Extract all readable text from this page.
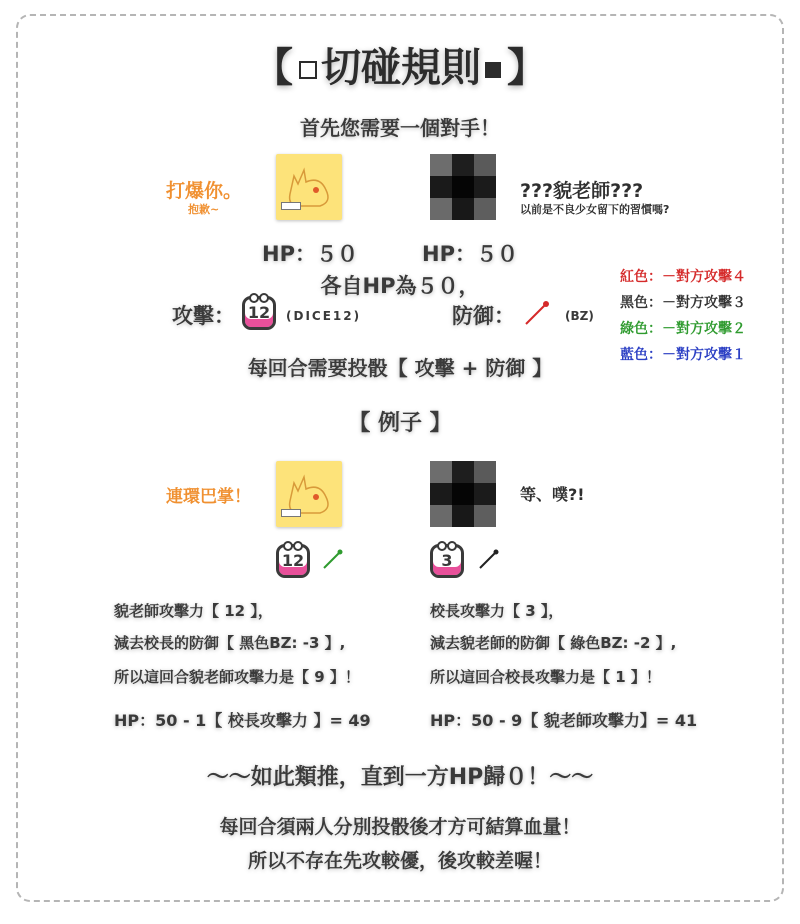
【 切碰規則 】
首先您需要一個對手！
打爆你。
抱歉~
???貌老師???
以前是不良少女留下的習慣嗎?
HP：５０	HP：５０
各自HP為５０，
攻擊： 12	(DICE12)	防御：	(BZ)
紅色：－對方攻擊４
黑色：－對方攻擊３
綠色：－對方攻擊２
藍色：－對方攻擊１
每回合需要投骰【 攻擊 + 防御 】
【 例子 】
連環巴掌！	等、噗?!
12	3
貌老師攻擊力【 12 】，
減去校長的防御【 黑色BZ: -3 】,
所以這回合貌老師攻擊力是【 9 】！
校長攻擊力【 3 】，
減去貌老師的防御【 綠色BZ: -2 】,
所以這回合校長攻擊力是【 1 】！
HP：50 - 1【 校長攻擊力 】= 49	HP：50 - 9【 貌老師攻擊力】= 41
～～如此類推，直到一方HP歸０！～～
每回合須兩人分別投骰後才方可結算血量！
所以不存在先攻較優，後攻較差喔！
